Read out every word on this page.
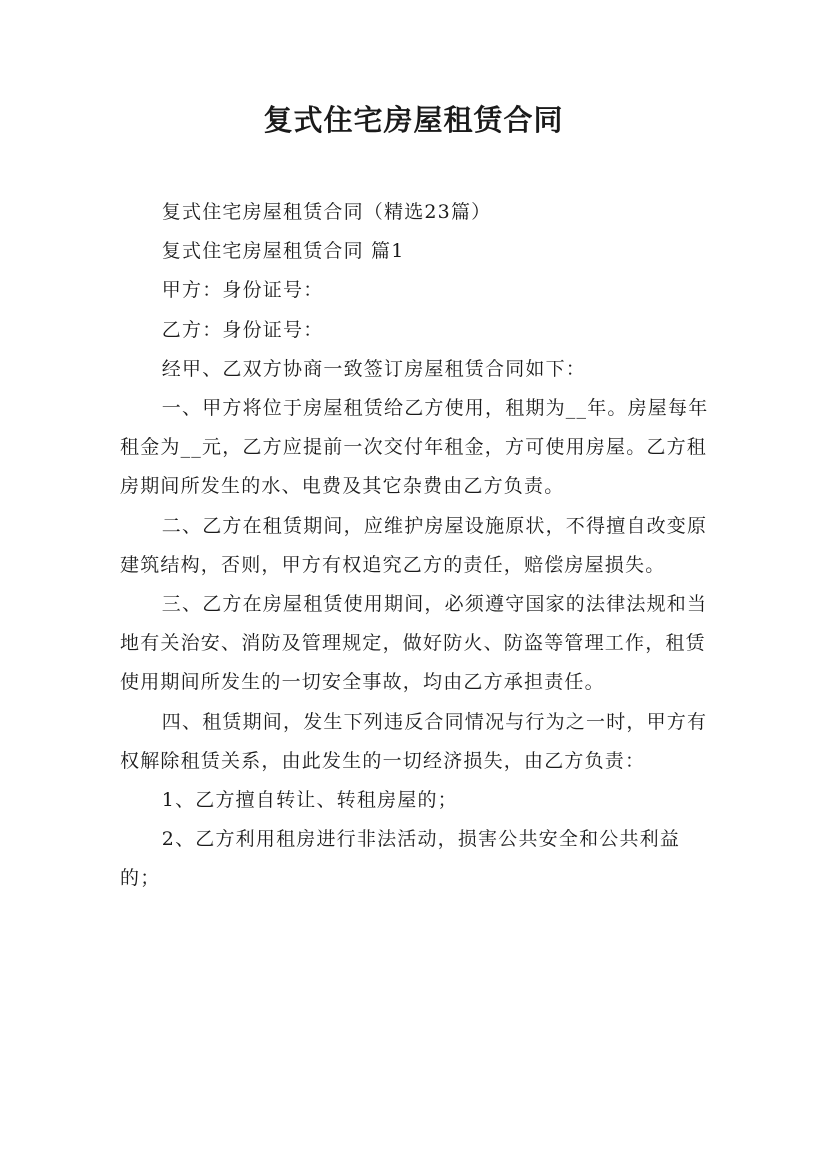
复式住宅房屋租赁合同

复式住宅房屋租赁合同（精选23篇）

复式住宅房屋租赁合同 篇1

甲方：身份证号：

乙方：身份证号：

经甲、乙双方协商一致签订房屋租赁合同如下：

一、甲方将位于房屋租赁给乙方使用，租期为__年。房屋每年租金为__元，乙方应提前一次交付年租金，方可使用房屋。乙方租房期间所发生的水、电费及其它杂费由乙方负责。

二、乙方在租赁期间，应维护房屋设施原状，不得擅自改变原建筑结构，否则，甲方有权追究乙方的责任，赔偿房屋损失。

三、乙方在房屋租赁使用期间，必须遵守国家的法律法规和当地有关治安、消防及管理规定，做好防火、防盗等管理工作，租赁使用期间所发生的一切安全事故，均由乙方承担责任。

四、租赁期间，发生下列违反合同情况与行为之一时，甲方有权解除租赁关系，由此发生的一切经济损失，由乙方负责：

1、乙方擅自转让、转租房屋的；

2、乙方利用租房进行非法活动，损害公共安全和公共利益的；
